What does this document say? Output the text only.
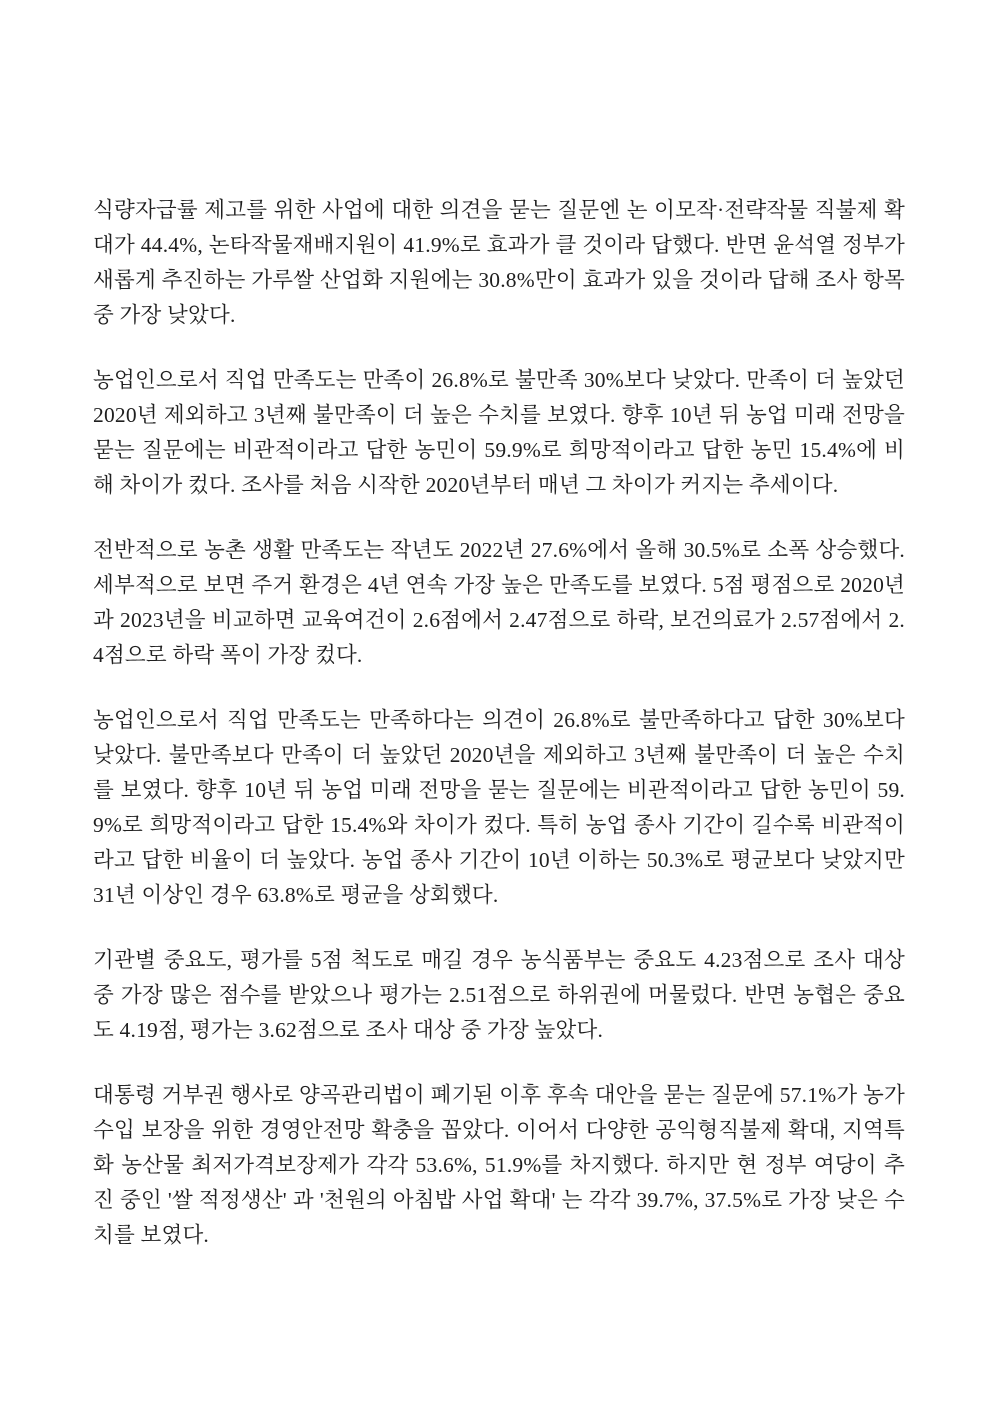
식량자급률 제고를 위한 사업에 대한 의견을 묻는 질문엔 논 이모작·전략작물 직불제 확대가 44.4%, 논타작물재배지원이 41.9%로 효과가 클 것이라 답했다. 반면 윤석열 정부가 새롭게 추진하는 가루쌀 산업화 지원에는 30.8%만이 효과가 있을 것이라 답해 조사 항목 중 가장 낮았다.

농업인으로서 직업 만족도는 만족이 26.8%로 불만족 30%보다 낮았다. 만족이 더 높았던 2020년 제외하고 3년째 불만족이 더 높은 수치를 보였다. 향후 10년 뒤 농업 미래 전망을 묻는 질문에는 비관적이라고 답한 농민이 59.9%로 희망적이라고 답한 농민 15.4%에 비해 차이가 컸다. 조사를 처음 시작한 2020년부터 매년 그 차이가 커지는 추세이다.

전반적으로 농촌 생활 만족도는 작년도 2022년 27.6%에서 올해 30.5%로 소폭 상승했다. 세부적으로 보면 주거 환경은 4년 연속 가장 높은 만족도를 보였다. 5점 평점으로 2020년과 2023년을 비교하면 교육여건이 2.6점에서 2.47점으로 하락, 보건의료가 2.57점에서 2.4점으로 하락 폭이 가장 컸다.

농업인으로서 직업 만족도는 만족하다는 의견이 26.8%로 불만족하다고 답한 30%보다 낮았다. 불만족보다 만족이 더 높았던 2020년을 제외하고 3년째 불만족이 더 높은 수치를 보였다. 향후 10년 뒤 농업 미래 전망을 묻는 질문에는 비관적이라고 답한 농민이 59.9%로 희망적이라고 답한 15.4%와 차이가 컸다. 특히 농업 종사 기간이 길수록 비관적이라고 답한 비율이 더 높았다. 농업 종사 기간이 10년 이하는 50.3%로 평균보다 낮았지만 31년 이상인 경우 63.8%로 평균을 상회했다.

기관별 중요도, 평가를 5점 척도로 매길 경우 농식품부는 중요도 4.23점으로 조사 대상 중 가장 많은 점수를 받았으나 평가는 2.51점으로 하위권에 머물렀다. 반면 농협은 중요도 4.19점, 평가는 3.62점으로 조사 대상 중 가장 높았다.

대통령 거부권 행사로 양곡관리법이 폐기된 이후 후속 대안을 묻는 질문에 57.1%가 농가 수입 보장을 위한 경영안전망 확충을 꼽았다. 이어서 다양한 공익형직불제 확대, 지역특화 농산물 최저가격보장제가 각각 53.6%, 51.9%를 차지했다. 하지만 현 정부 여당이 추진 중인 '쌀 적정생산' 과 '천원의 아침밥 사업 확대' 는 각각 39.7%, 37.5%로 가장 낮은 수치를 보였다.
